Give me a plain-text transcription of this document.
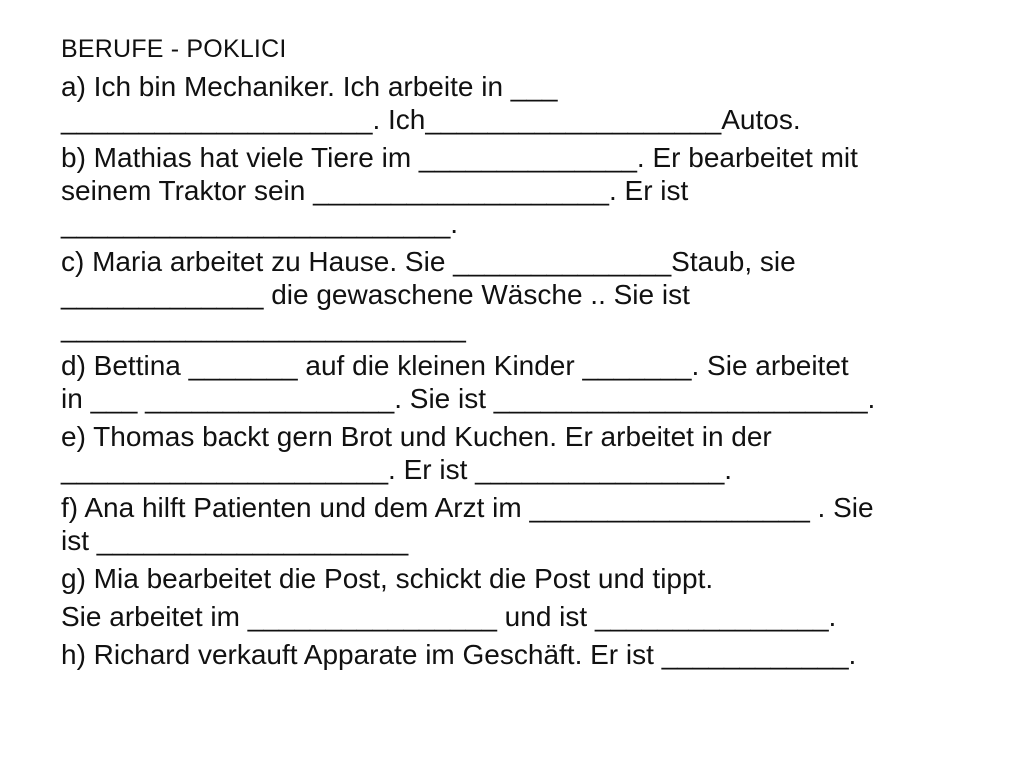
BERUFE - POKLICI
a) Ich bin Mechaniker. Ich arbeite in ___
____________________. Ich___________________Autos.
b) Mathias hat viele Tiere im ______________. Er bearbeitet mit
seinem Traktor sein ___________________. Er ist
_________________________.
c) Maria arbeitet zu Hause. Sie ______________Staub, sie
_____________ die gewaschene Wäsche .. Sie ist
__________________________
d) Bettina _______ auf die kleinen Kinder _______. Sie arbeitet
in ___ ________________. Sie ist ________________________.
e) Thomas backt gern Brot und Kuchen. Er arbeitet in der
_____________________. Er ist ________________.
f) Ana hilft Patienten und dem Arzt im __________________ . Sie
ist ____________________
g) Mia bearbeitet die Post, schickt die Post und tippt.
Sie arbeitet im ________________ und ist _______________.
h) Richard verkauft Apparate im Geschäft. Er ist ____________.
